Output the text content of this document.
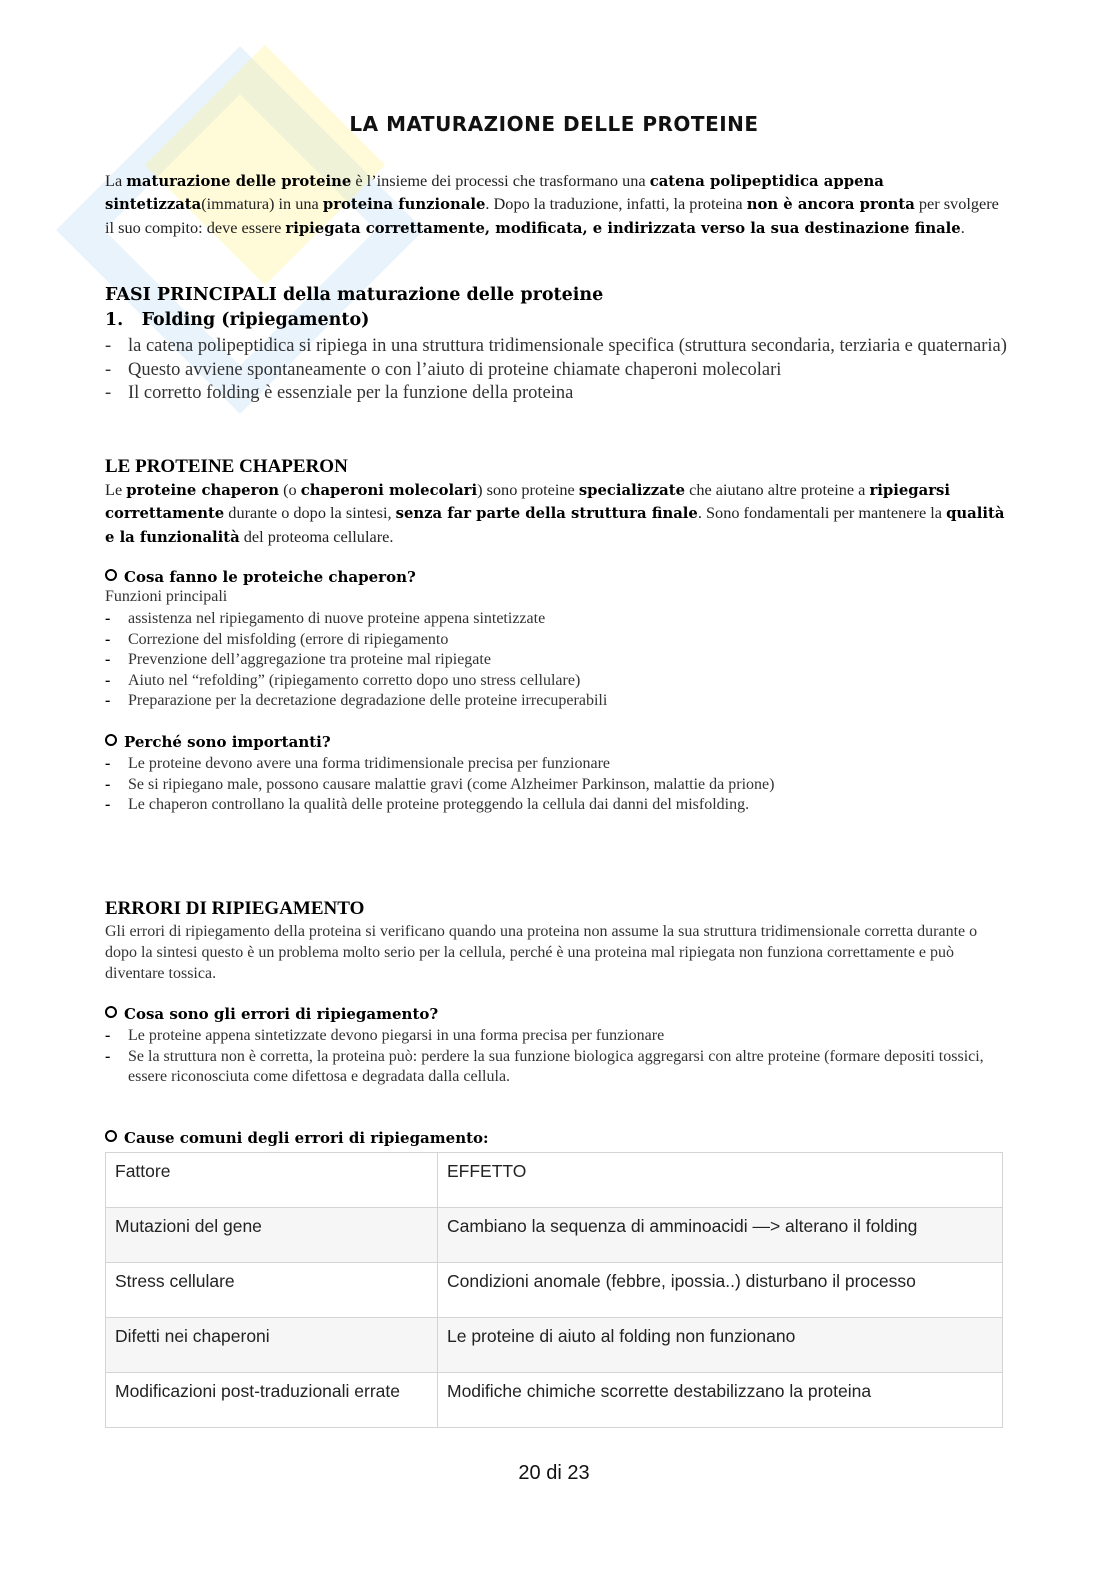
LA MATURAZIONE DELLE PROTEINE
La maturazione delle proteine è l’insieme dei processi che trasformano una catena polipeptidica appena sintetizzata(immatura) in una proteina funzionale. Dopo la traduzione, infatti, la proteina non è ancora pronta per svolgere il suo compito: deve essere ripiegata correttamente, modificata, e indirizzata verso la sua destinazione finale.
FASI PRINCIPALI della maturazione delle proteine
1. Folding (ripiegamento)
- la catena polipeptidica si ripiega in una struttura tridimensionale specifica (struttura secondaria, terziaria e quaternaria)
- Questo avviene spontaneamente o con l’aiuto di proteine chiamate chaperoni molecolari
- Il corretto folding è essenziale per la funzione della proteina
LE PROTEINE CHAPERON
Le proteine chaperon (o chaperoni molecolari) sono proteine specializzate che aiutano altre proteine a ripiegarsi correttamente durante o dopo la sintesi, senza far parte della struttura finale. Sono fondamentali per mantenere la qualità e la funzionalità del proteoma cellulare.
Cosa fanno le proteiche chaperon?
Funzioni principali
- assistenza nel ripiegamento di nuove proteine appena sintetizzate
- Correzione del misfolding (errore di ripiegamento
- Prevenzione dell’aggregazione tra proteine mal ripiegate
- Aiuto nel “refolding” (ripiegamento corretto dopo uno stress cellulare)
- Preparazione per la decretazione degradazione delle proteine irrecuperabili
Perché sono importanti?
- Le proteine devono avere una forma tridimensionale precisa per funzionare
- Se si ripiegano male, possono causare malattie gravi (come Alzheimer Parkinson, malattie da prione)
- Le chaperon controllano la qualità delle proteine proteggendo la cellula dai danni del misfolding.
ERRORI DI RIPIEGAMENTO
Gli errori di ripiegamento della proteina si verificano quando una proteina non assume la sua struttura tridimensionale corretta durante o dopo la sintesi questo è un problema molto serio per la cellula, perché è una proteina mal ripiegata non funziona correttamente e può diventare tossica.
Cosa sono gli errori di ripiegamento?
- Le proteine appena sintetizzate devono piegarsi in una forma precisa per funzionare
- Se la struttura non è corretta, la proteina può: perdere la sua funzione biologica aggregarsi con altre proteine (formare depositi tossici, essere riconosciuta come difettosa e degradata dalla cellula.
Cause comuni degli errori di ripiegamento:
Fattore	EFFETTO
Mutazioni del gene	Cambiano la sequenza di amminoacidi —> alterano il folding
Stress cellulare	Condizioni anomale (febbre, ipossia..) disturbano il processo
Difetti nei chaperoni	Le proteine di aiuto al folding non funzionano
Modificazioni post-traduzionali errate	Modifiche chimiche scorrette destabilizzano la proteina
20 di 23
